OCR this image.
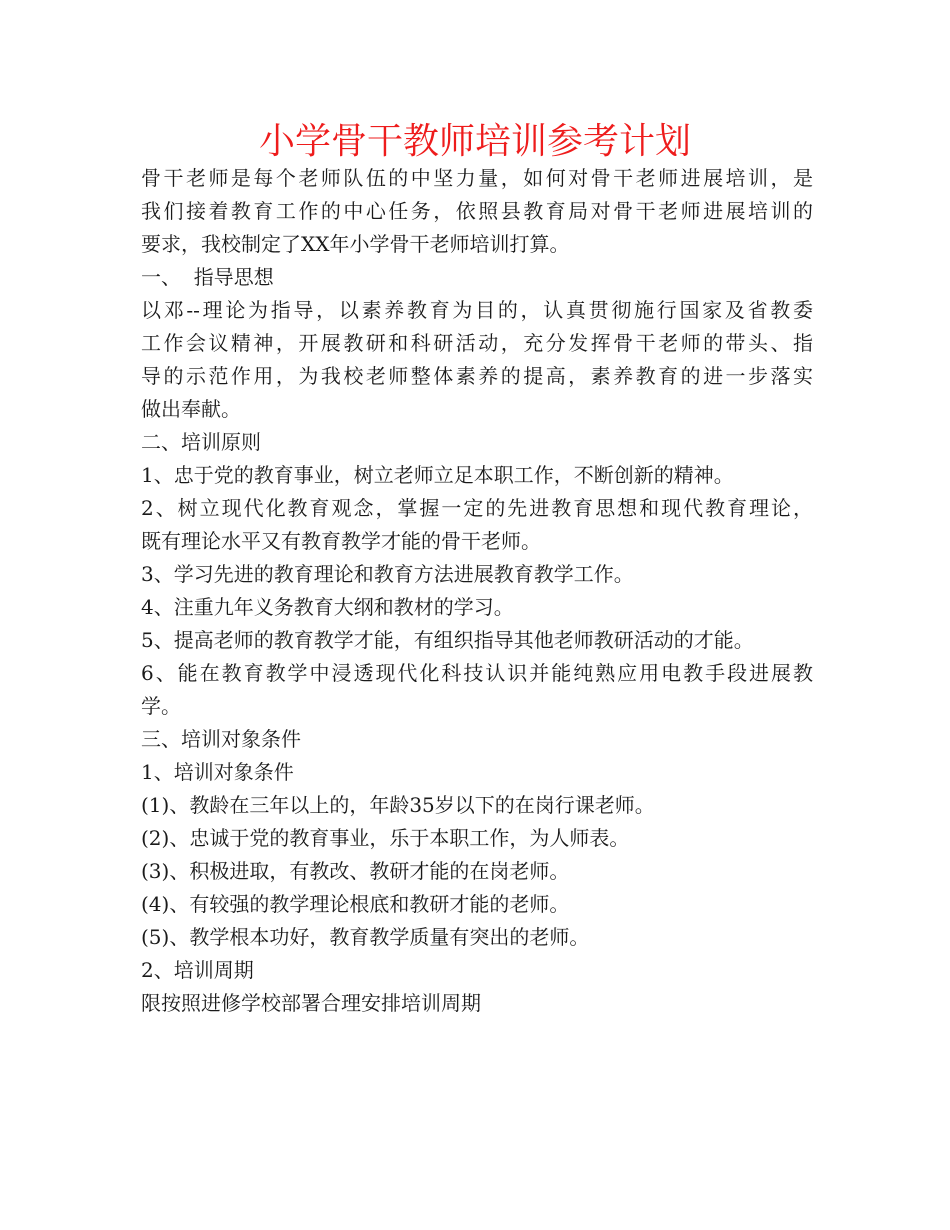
小学骨干教师培训参考计划
骨干老师是每个老师队伍的中坚力量，如何对骨干老师进展培训，是
我们接着教育工作的中心任务，依照县教育局对骨干老师进展培训的
要求，我校制定了XX年小学骨干老师培训打算。
一、  指导思想
以邓--理论为指导，以素养教育为目的，认真贯彻施行国家及省教委
工作会议精神，开展教研和科研活动，充分发挥骨干老师的带头、指
导的示范作用，为我校老师整体素养的提高，素养教育的进一步落实
做出奉献。
二、培训原则
1、忠于党的教育事业，树立老师立足本职工作，不断创新的精神。
2、树立现代化教育观念，掌握一定的先进教育思想和现代教育理论，
既有理论水平又有教育教学才能的骨干老师。
3、学习先进的教育理论和教育方法进展教育教学工作。
4、注重九年义务教育大纲和教材的学习。
5、提高老师的教育教学才能，有组织指导其他老师教研活动的才能。
6、能在教育教学中浸透现代化科技认识并能纯熟应用电教手段进展教
学。
三、培训对象条件
1、培训对象条件
(1)、教龄在三年以上的，年龄35岁以下的在岗行课老师。
(2)、忠诚于党的教育事业，乐于本职工作，为人师表。
(3)、积极进取，有教改、教研才能的在岗老师。
(4)、有较强的教学理论根底和教研才能的老师。
(5)、教学根本功好，教育教学质量有突出的老师。
2、培训周期
限按照进修学校部署合理安排培训周期
